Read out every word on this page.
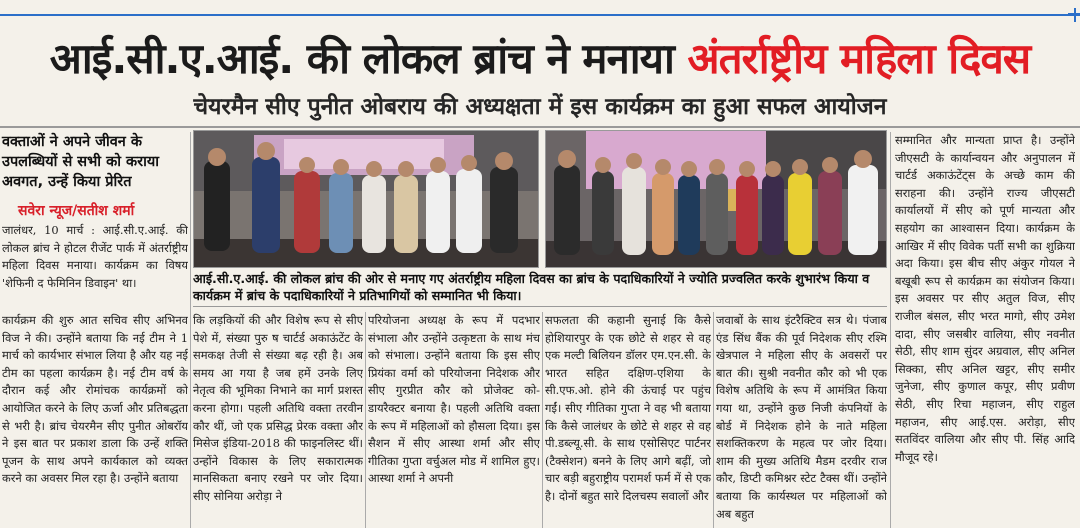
आई.सी.ए.आई. की लोकल ब्रांच ने मनाया अंतर्राष्ट्रीय महिला दिवस
चेयरमैन सीए पुनीत ओबराय की अध्यक्षता में इस कार्यक्रम का हुआ सफल आयोजन
वक्ताओं ने अपने जीवन के उपलब्धियों से सभी को कराया अवगत, उन्हें किया प्रेरित
सवेरा न्यूज/सतीश शर्मा
जालंधर, 10 मार्च : आई.सी.ए.आई. की लोकल ब्रांच ने होटल रीजेंट पार्क में अंतर्राष्ट्रीय महिला दिवस मनाया। कार्यक्रम का विषय 'शेफिनी द फेमिनिन डिवाइन' था।	आई.सी.ए.आई. की लोकल ब्रांच की ओर से मनाए गए अंतर्राष्ट्रीय महिला दिवस का ब्रांच के पदाधिकारियों ने ज्योति प्रज्वलित करके शुभारंभ किया व कार्यक्रम में ब्रांच के पदाधिकारियों ने प्रतिभागियों को सम्मानित भी किया।
कार्यक्रम की शुरु आत सचिव सीए अभिनव विज ने की। उन्होंने बताया कि नई टीम ने 1 मार्च को कार्यभार संभाल लिया है और यह नई टीम का पहला कार्यक्रम है। नई टीम वर्ष के दौरान कई और रोमांचक कार्यक्रमों को आयोजित करने के लिए ऊर्जा और प्रतिबद्धता से भरी है। ब्रांच चेयरमैन सीए पुनीत ओबरॉय ने इस बात पर प्रकाश डाला कि उन्हें शक्ति पूजन के साथ अपने कार्यकाल को व्यक्त करने का अवसर मिल रहा है। उन्होंने बताया
कि लड़कियों की और विशेष रूप से सीए पेशे में, संख्या पुरु ष चार्टर्ड अकाऊंटेंट के समकक्ष तेजी से संख्या बढ़ रही है। अब समय आ गया है जब हमें उनके लिए नेतृत्व की भूमिका निभाने का मार्ग प्रशस्त करना होगा। पहली अतिथि वक्ता तरवीन कौर थीं, जो एक प्रसिद्ध प्रेरक वक्ता और मिसेज इंडिया-2018 की फाइनलिस्ट थीं। उन्होंने विकास के लिए सकारात्मक मानसिकता बनाए रखने पर जोर दिया। सीए सोनिया अरोड़ा ने
परियोजना अध्यक्ष के रूप में पदभार संभाला और उन्होंने उत्कृष्टता के साथ मंच को संभाला। उन्होंने बताया कि इस सीए प्रियंका वर्मा को परियोजना निदेशक और सीए गुरप्रीत कौर को प्रोजेक्ट को-डायरैक्टर बनाया है। पहली अतिथि वक्ता के रूप में महिलाओं को हौसला दिया। इस सैशन में सीए आस्था शर्मा और सीए गीतिका गुप्ता वर्चुअल मोड में शामिल हुए। आस्था शर्मा ने अपनी
सफलता की कहानी सुनाई कि कैसे होशियारपुर के एक छोटे से शहर से वह एक मल्टी बिलियन डॉलर एम.एन.सी. के भारत सहित दक्षिण-एशिया के सी.एफ.ओ. होने की ऊंचाई पर पहुंच गईं। सीए गीतिका गुप्ता ने वह भी बताया कि कैसे जालंधर के छोटे से शहर से वह पी.डब्ल्यू.सी. के साथ एसोसिएट पार्टनर (टैक्सेशन) बनने के लिए आगे बढ़ीं, जो चार बड़ी बहुराष्ट्रीय परामर्श फर्म में से एक है। दोनों बहुत सारे दिलचस्प सवालों और
जवाबों के साथ इंटरैक्टिव सत्र थे। पंजाब एंड सिंध बैंक की पूर्व निदेशक सीए रश्मि खेत्रपाल ने महिला सीए के अवसरों पर बात की। सुश्री नवनीत कौर को भी एक विशेष अतिथि के रूप में आमंत्रित किया गया था, उन्होंने कुछ निजी कंपनियों के बोर्ड में निदेशक होने के नाते महिला सशक्तिकरण के महत्व पर जोर दिया। शाम की मुख्य अतिथि मैडम दरवीर राज कौर, डिप्टी कमिश्नर स्टेट टैक्स थीं। उन्होंने बताया कि कार्यस्थल पर महिलाओं को अब बहुत
सम्मानित और मान्यता प्राप्त है। उन्होंने जीएसटी के कार्यान्वयन और अनुपालन में चार्टर्ड अकाऊंटेंट्स के अच्छे काम की सराहना की। उन्होंने राज्य जीएसटी कार्यालयों में सीए को पूर्ण मान्यता और सहयोग का आश्वासन दिया। कार्यक्रम के आखिर में सीए विवेक पर्ती सभी का शुक्रिया अदा किया। इस बीच सीए अंकुर गोयल ने बखूबी रूप से कार्यक्रम का संयोजन किया। इस अवसर पर सीए अतुल विज, सीए राजील बंसल, सीए भरत मागो, सीए उमेश दादा, सीए जसबीर वालिया, सीए नवनीत सेठी, सीए शाम सुंदर अग्रवाल, सीए अनिल सिक्का, सीए अनिल खट्टर, सीए समीर जुनेजा, सीए कुणाल कपूर, सीए प्रवीण सेठी, सीए रिचा महाजन, सीए राहुल महाजन, सीए आई.एस. अरोड़ा, सीए सतविंदर वालिया और सीए पी. सिंह आदि मौजूद रहे।
